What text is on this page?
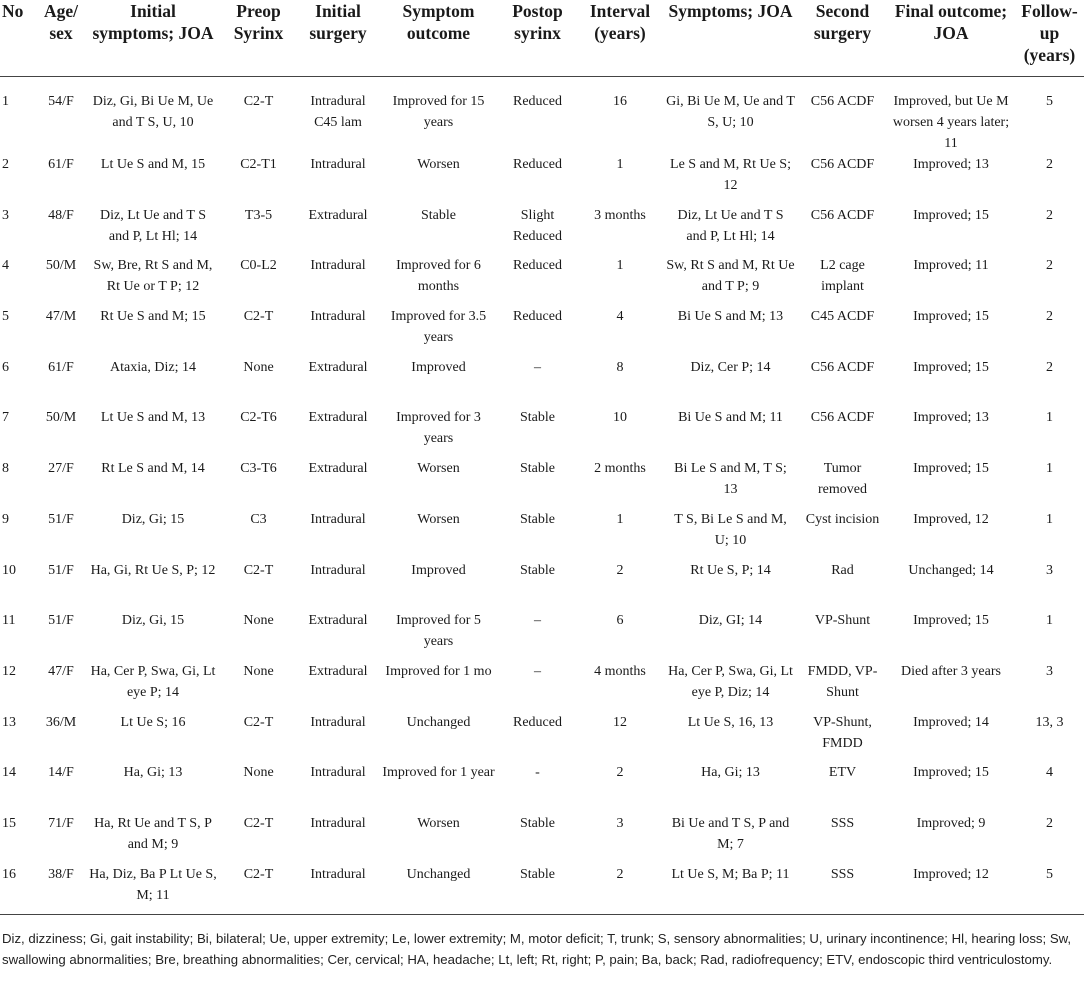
No	Age/ sex	Initial symptoms; JOA	Preop Syrinx	Initial surgery	Symptom outcome	Postop syrinx	Interval (years)	Symptoms; JOA	Second surgery	Final outcome; JOA	Follow-up (years)
1	54/F	Diz, Gi, Bi Ue M, Ue and T S, U, 10	C2-T	Intradural C45 lam	Improved for 15 years	Reduced	16	Gi, Bi Ue M, Ue and T S, U; 10	C56 ACDF	Improved, but Ue M worsen 4 years later; 11	5
2	61/F	Lt Ue S and M, 15	C2-T1	Intradural	Worsen	Reduced	1	Le S and M, Rt Ue S; 12	C56 ACDF	Improved; 13	2
3	48/F	Diz, Lt Ue and T S and P, Lt Hl; 14	T3-5	Extradural	Stable	Slight Reduced	3 months	Diz, Lt Ue and T S and P, Lt Hl; 14	C56 ACDF	Improved; 15	2
4	50/M	Sw, Bre, Rt S and M, Rt Ue or T P; 12	C0-L2	Intradural	Improved for 6 months	Reduced	1	Sw, Rt S and M, Rt Ue and T P; 9	L2 cage implant	Improved; 11	2
5	47/M	Rt Ue S and M; 15	C2-T	Intradural	Improved for 3.5 years	Reduced	4	Bi Ue S and M; 13	C45 ACDF	Improved; 15	2
6	61/F	Ataxia, Diz; 14	None	Extradural	Improved	–	8	Diz, Cer P; 14	C56 ACDF	Improved; 15	2
7	50/M	Lt Ue S and M, 13	C2-T6	Extradural	Improved for 3 years	Stable	10	Bi Ue S and M; 11	C56 ACDF	Improved; 13	1
8	27/F	Rt Le S and M, 14	C3-T6	Extradural	Worsen	Stable	2 months	Bi Le S and M, T S; 13	Tumor removed	Improved; 15	1
9	51/F	Diz, Gi; 15	C3	Intradural	Worsen	Stable	1	T S, Bi Le S and M, U; 10	Cyst incision	Improved, 12	1
10	51/F	Ha, Gi, Rt Ue S, P; 12	C2-T	Intradural	Improved	Stable	2	Rt Ue S, P; 14	Rad	Unchanged; 14	3
11	51/F	Diz, Gi, 15	None	Extradural	Improved for 5 years	–	6	Diz, GI; 14	VP-Shunt	Improved; 15	1
12	47/F	Ha, Cer P, Swa, Gi, Lt eye P; 14	None	Extradural	Improved for 1 mo	–	4 months	Ha, Cer P, Swa, Gi, Lt eye P, Diz; 14	FMDD, VP-Shunt	Died after 3 years	3
13	36/M	Lt Ue S; 16	C2-T	Intradural	Unchanged	Reduced	12	Lt Ue S, 16, 13	VP-Shunt, FMDD	Improved; 14	13, 3
14	14/F	Ha, Gi; 13	None	Intradural	Improved for 1 year	-	2	Ha, Gi; 13	ETV	Improved; 15	4
15	71/F	Ha, Rt Ue and T S, P and M; 9	C2-T	Intradural	Worsen	Stable	3	Bi Ue and T S, P and M; 7	SSS	Improved; 9	2
16	38/F	Ha, Diz, Ba P Lt Ue S, M; 11	C2-T	Intradural	Unchanged	Stable	2	Lt Ue S, M; Ba P; 11	SSS	Improved; 12	5
Diz, dizziness; Gi, gait instability; Bi, bilateral; Ue, upper extremity; Le, lower extremity; M, motor deficit; T, trunk; S, sensory abnormalities; U, urinary incontinence; Hl, hearing loss; Sw, swallowing abnormalities; Bre, breathing abnormalities; Cer, cervical; HA, headache; Lt, left; Rt, right; P, pain; Ba, back; Rad, radiofrequency; ETV, endoscopic third ventriculostomy.
